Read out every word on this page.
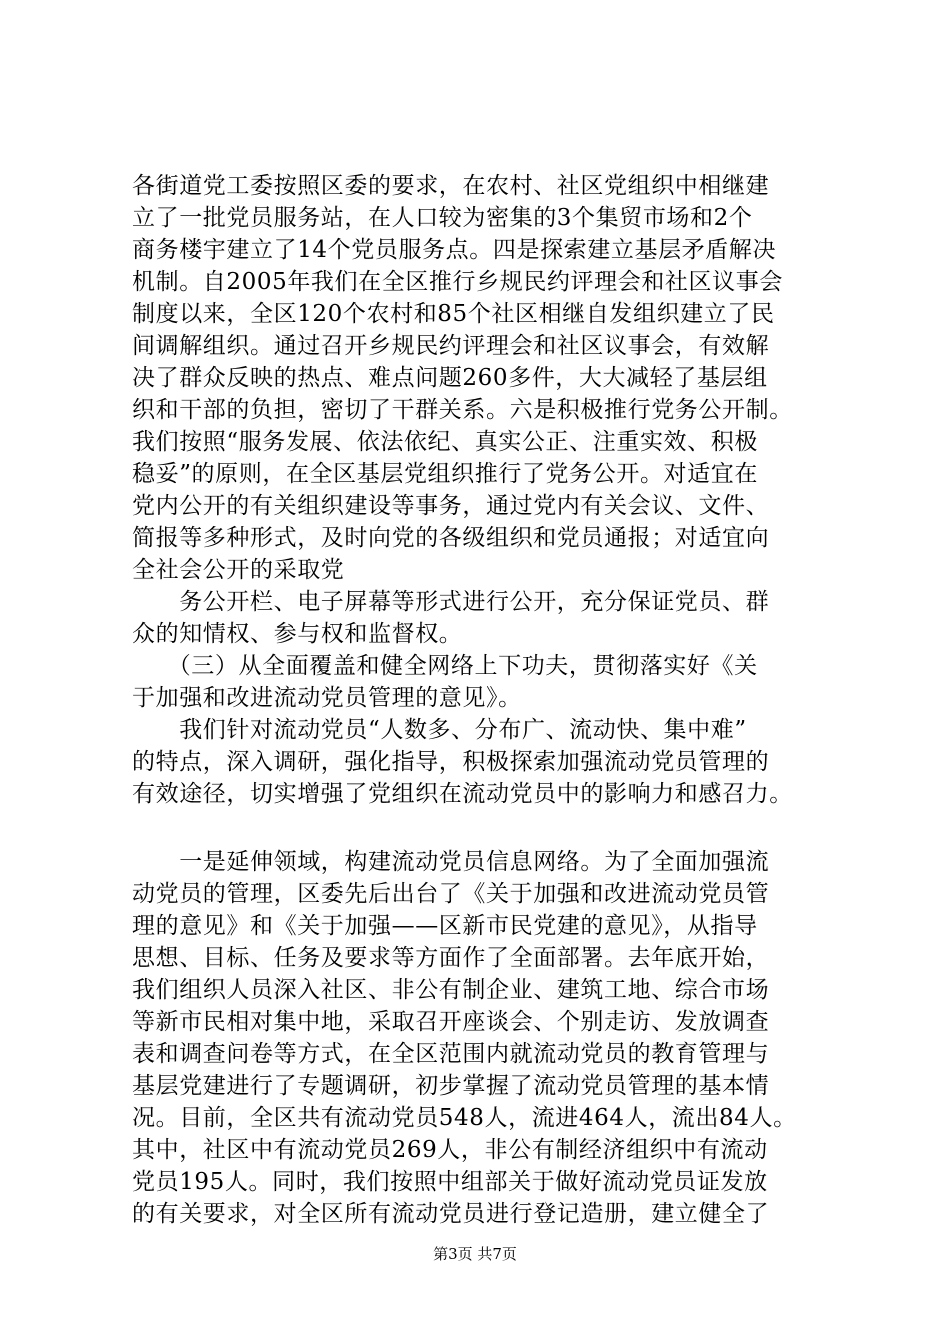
各街道党工委按照区委的要求，在农村、社区党组织中相继建
立了一批党员服务站，在人口较为密集的3个集贸市场和2个
商务楼宇建立了14个党员服务点。四是探索建立基层矛盾解决
机制。自2005年我们在全区推行乡规民约评理会和社区议事会
制度以来，全区120个农村和85个社区相继自发组织建立了民
间调解组织。通过召开乡规民约评理会和社区议事会，有效解
决了群众反映的热点、难点问题260多件，大大减轻了基层组
织和干部的负担，密切了干群关系。六是积极推行党务公开制。
我们按照“服务发展、依法依纪、真实公正、注重实效、积极
稳妥”的原则，在全区基层党组织推行了党务公开。对适宜在
党内公开的有关组织建设等事务，通过党内有关会议、文件、
简报等多种形式，及时向党的各级组织和党员通报；对适宜向
全社会公开的采取党
　　务公开栏、电子屏幕等形式进行公开，充分保证党员、群
众的知情权、参与权和监督权。
　　（三）从全面覆盖和健全网络上下功夫，贯彻落实好《关
于加强和改进流动党员管理的意见》。
　　我们针对流动党员“人数多、分布广、流动快、集中难”
的特点，深入调研，强化指导，积极探索加强流动党员管理的
有效途径，切实增强了党组织在流动党员中的影响力和感召力。
　　一是延伸领域，构建流动党员信息网络。为了全面加强流
动党员的管理，区委先后出台了《关于加强和改进流动党员管
理的意见》和《关于加强——区新市民党建的意见》，从指导
思想、目标、任务及要求等方面作了全面部署。去年底开始，
我们组织人员深入社区、非公有制企业、建筑工地、综合市场
等新市民相对集中地，采取召开座谈会、个别走访、发放调查
表和调查问卷等方式，在全区范围内就流动党员的教育管理与
基层党建进行了专题调研，初步掌握了流动党员管理的基本情
况。目前，全区共有流动党员548人，流进464人，流出84人。
其中，社区中有流动党员269人，非公有制经济组织中有流动
党员195人。同时，我们按照中组部关于做好流动党员证发放
的有关要求，对全区所有流动党员进行登记造册，建立健全了
第3页 共7页
